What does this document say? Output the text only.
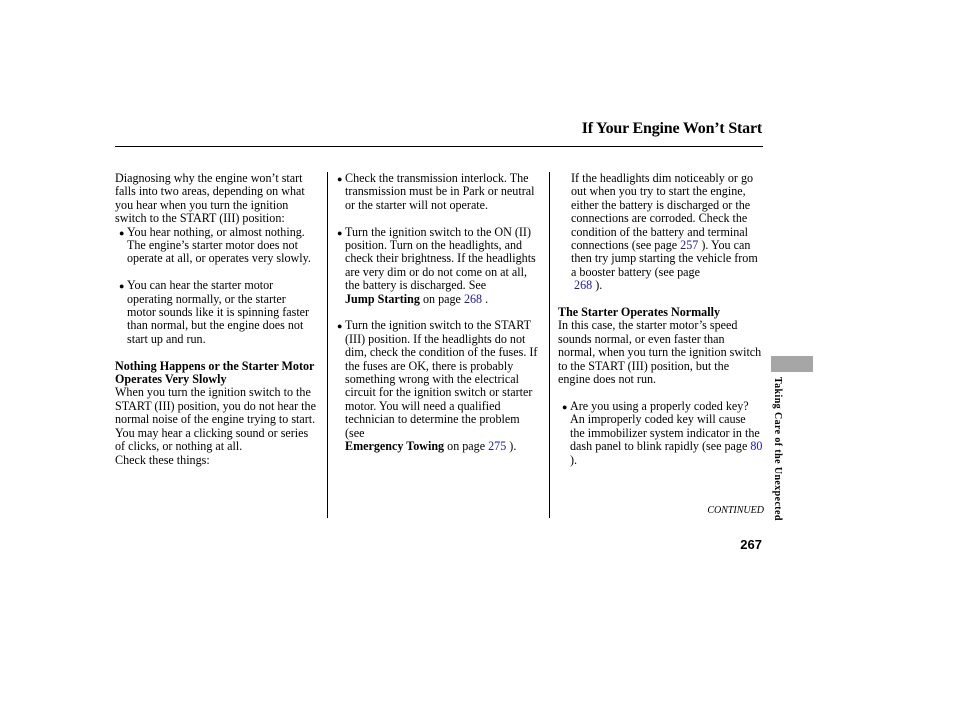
If Your Engine Won’t Start

Diagnosing why the engine won’t start falls into two areas, depending on what you hear when you turn the ignition switch to the START (III) position:

● You hear nothing, or almost nothing. The engine’s starter motor does not operate at all, or operates very slowly.
● You can hear the starter motor operating normally, or the starter motor sounds like it is spinning faster than normal, but the engine does not start up and run.

Nothing Happens or the Starter Motor Operates Very Slowly

When you turn the ignition switch to the START (III) position, you do not hear the normal noise of the engine trying to start. You may hear a clicking sound or series of clicks, or nothing at all.

Check these things:

● Check the transmission interlock. The transmission must be in Park or neutral or the starter will not operate.
● Turn the ignition switch to the ON (II) position. Turn on the headlights, and check their brightness. If the headlights are very dim or do not come on at all, the battery is discharged. See
Jump Starting on page 268 .
● Turn the ignition switch to the START (III) position. If the headlights do not dim, check the condition of the fuses. If the fuses are OK, there is probably something wrong with the electrical circuit for the ignition switch or starter motor. You will need a qualified technician to determine the problem (see
Emergency Towing on page 275 ).

If the headlights dim noticeably or go out when you try to start the engine, either the battery is discharged or the connections are corroded. Check the condition of the battery and terminal connections (see page 257 ). You can then try jump starting the vehicle from a booster battery (see page
268 ).

The Starter Operates Normally

In this case, the starter motor’s speed sounds normal, or even faster than normal, when you turn the ignition switch to the START (III) position, but the engine does not run.

● Are you using a properly coded key? An improperly coded key will cause the immobilizer system indicator in the dash panel to blink rapidly (see page 80 ).
CONTINUED
267
Taking Care of the Unexpected
